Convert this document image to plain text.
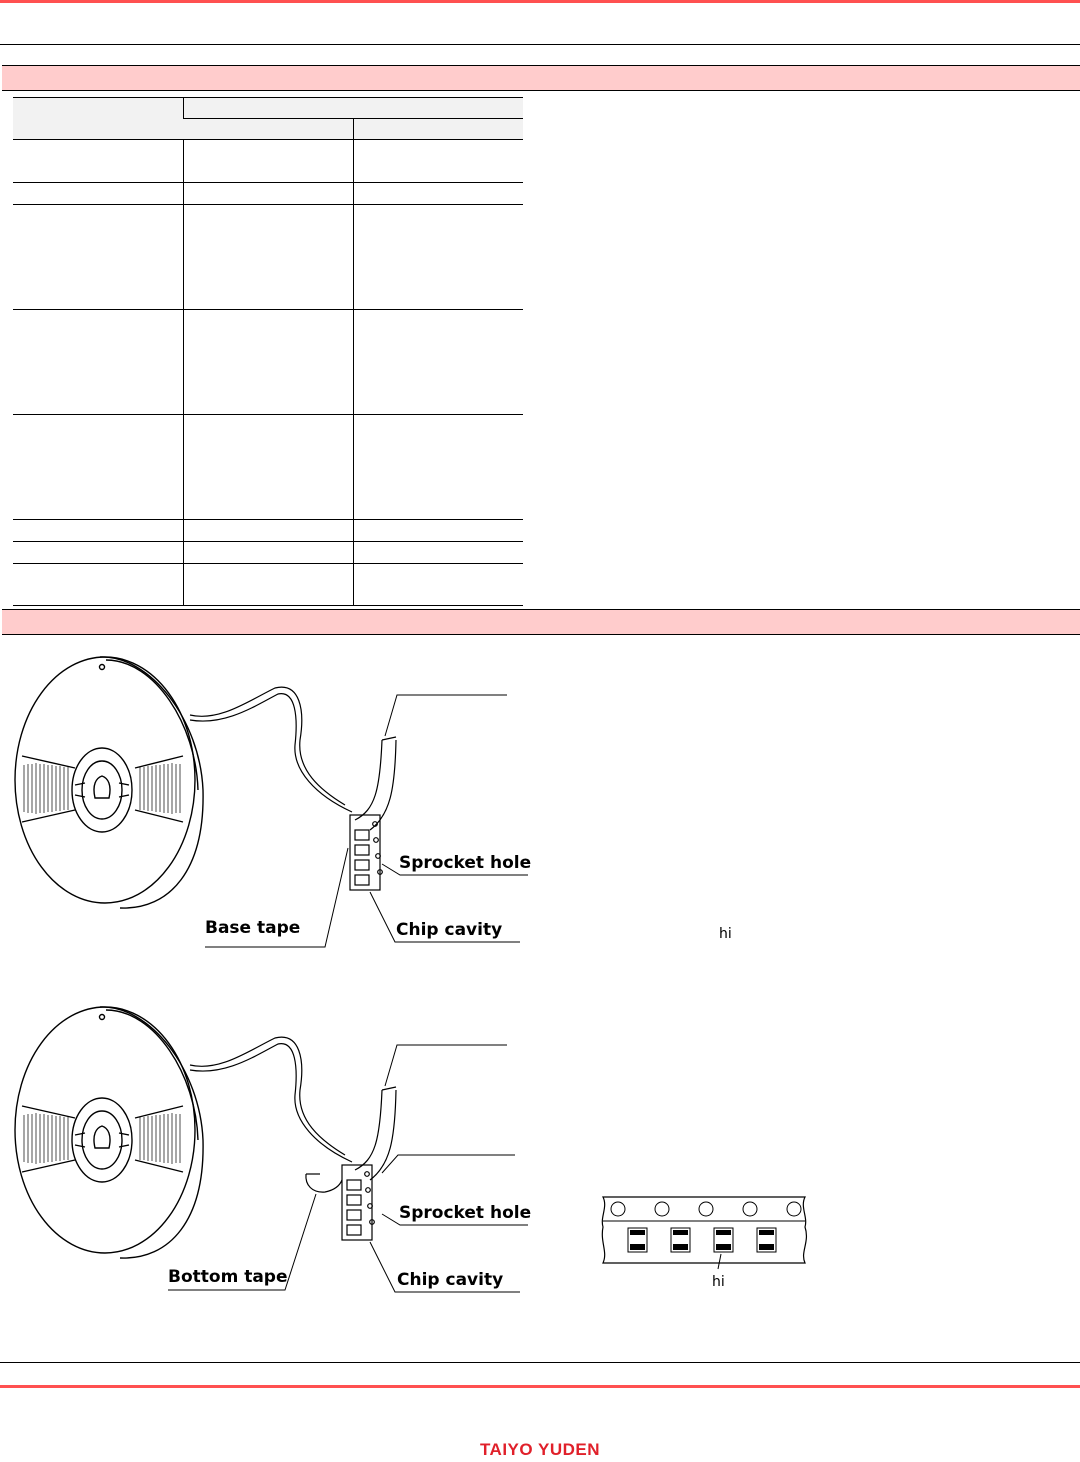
Sprocket hole
Base tape	Chip cavity	hi
Sprocket hole
Bottom tape	Chip cavity	hi
TAIYO YUDEN
